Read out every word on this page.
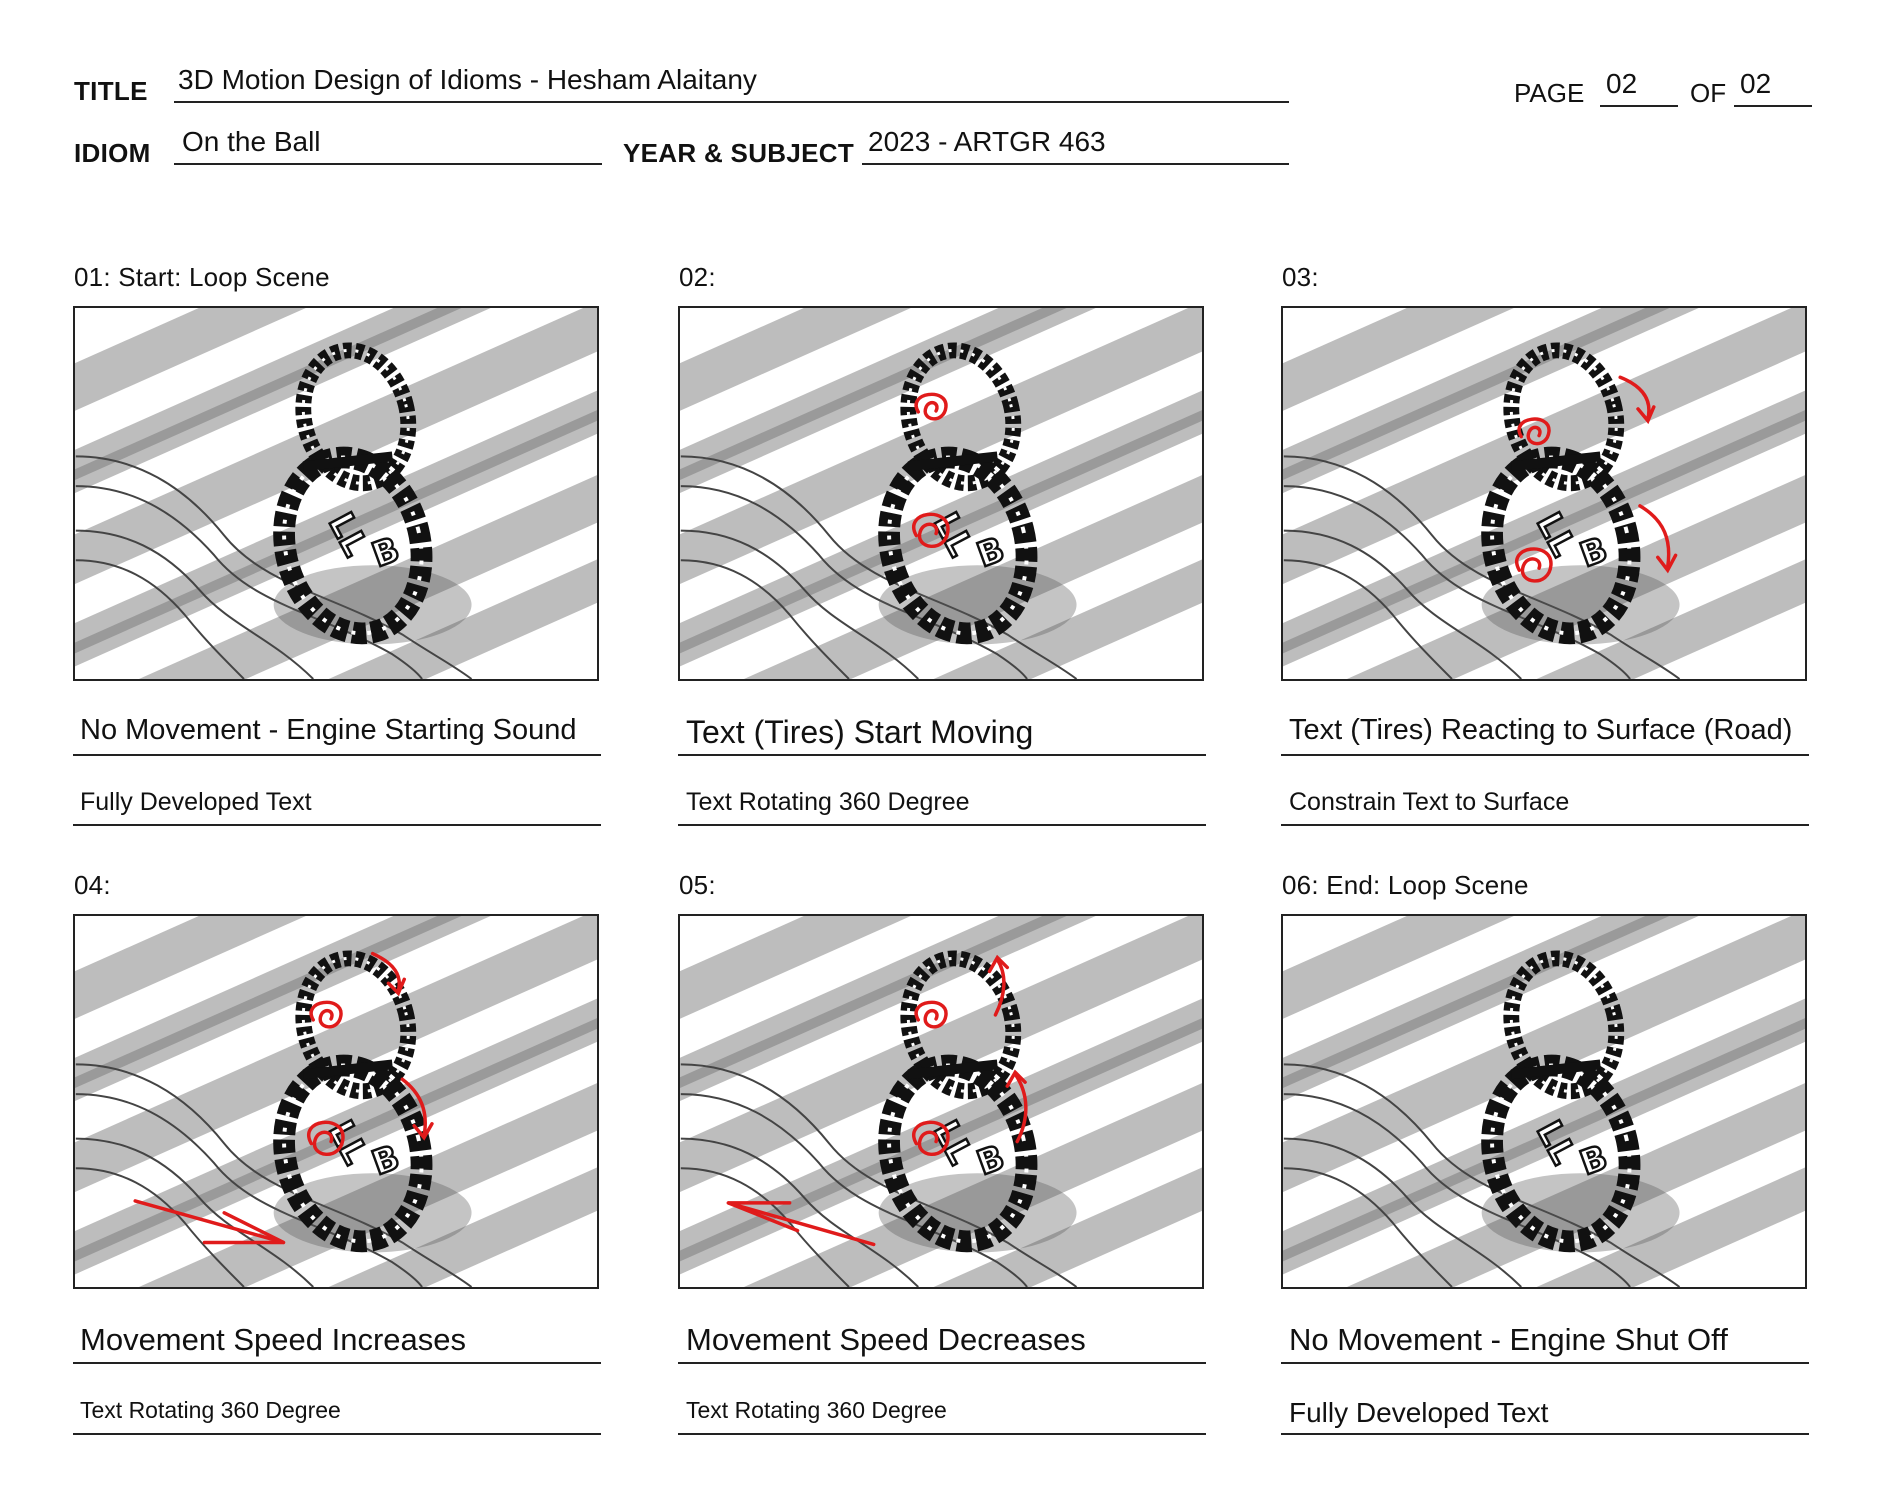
TITLE 3D Motion Design of Idioms - Hesham Alaitany
IDIOM On the Ball	YEAR & SUBJECT 2023 - ARTGR 463
PAGE 02 OF 02
01: Start: Loop Scene
No Movement - Engine Starting Sound
Fully Developed Text
02:
Text (Tires) Start Moving
Text Rotating 360 Degree
03:
Text (Tires) Reacting to Surface (Road)
Constrain Text to Surface
04:
Movement Speed Increases
Text Rotating 360 Degree
05:
Movement Speed Decreases
Text Rotating 360 Degree
06: End: Loop Scene
No Movement - Engine Shut Off
Fully Developed Text
